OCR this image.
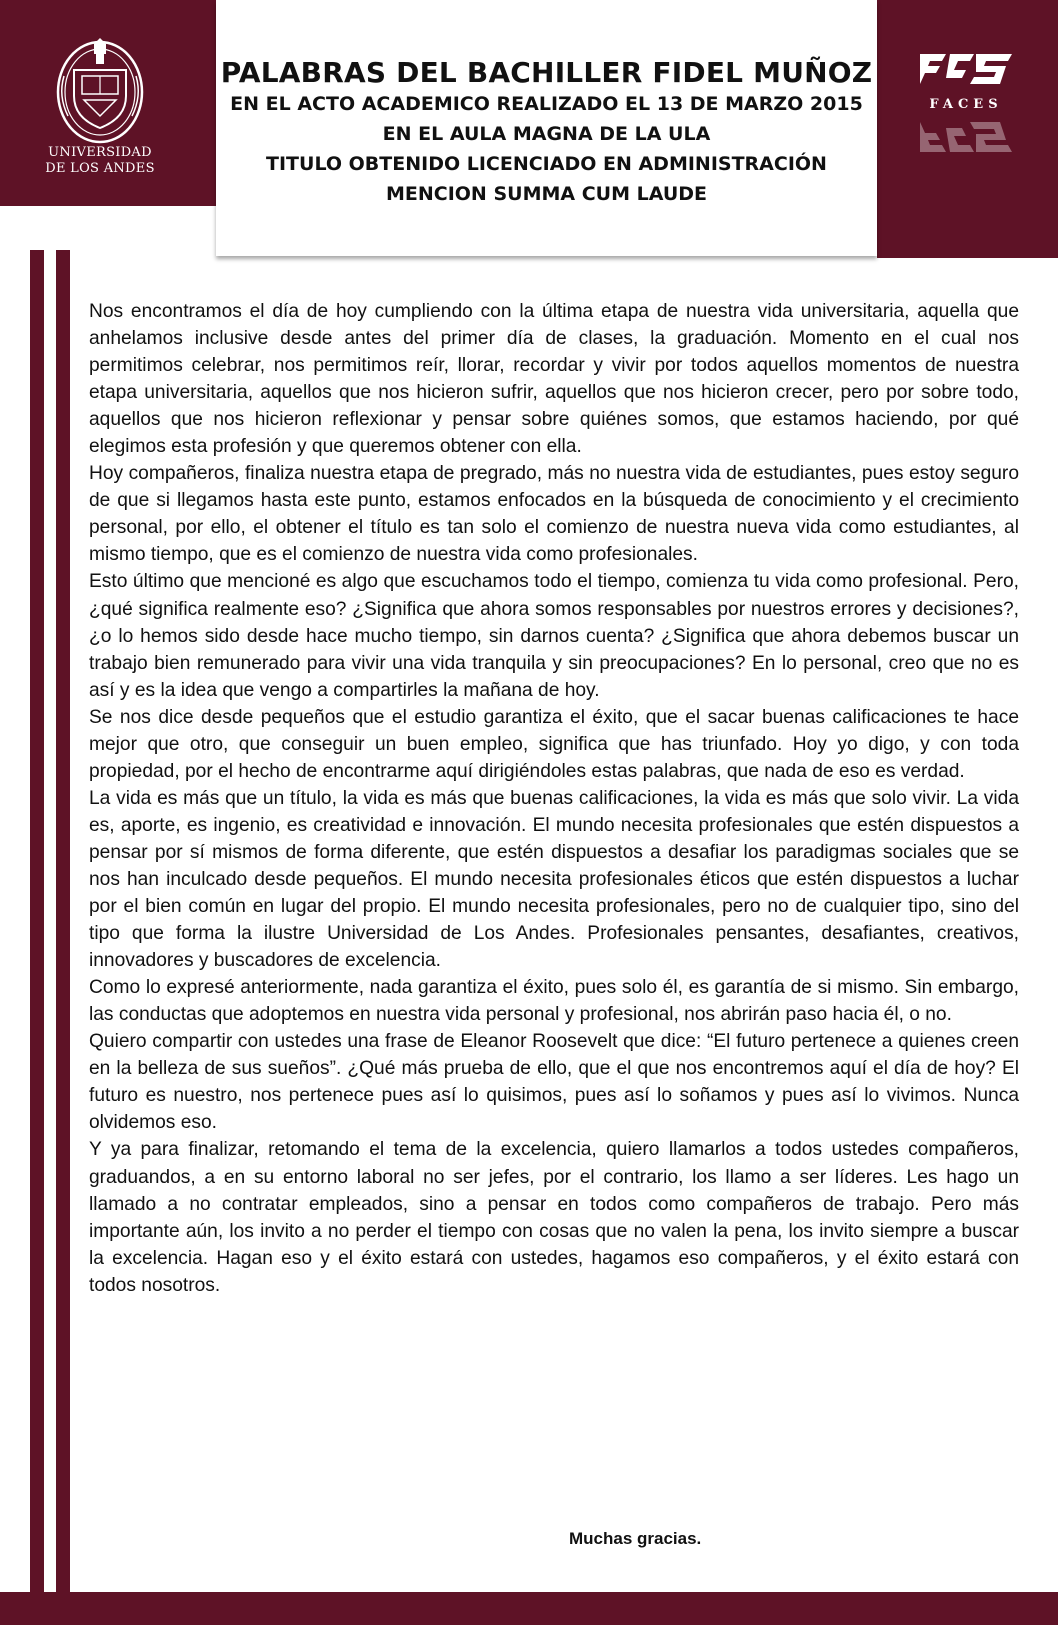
UNIVERSIDAD
DE LOS ANDES
FACES
PALABRAS DEL BACHILLER FIDEL MUÑOZ
EN EL ACTO ACADEMICO REALIZADO EL 13 DE MARZO 2015
EN EL AULA MAGNA DE LA ULA
TITULO OBTENIDO LICENCIADO EN ADMINISTRACIÓN
MENCION SUMMA CUM LAUDE

Nos encontramos el día de hoy cumpliendo con la última etapa de nuestra vida universitaria, aquella que anhelamos inclusive desde antes del primer día de clases, la graduación. Momento en el cual nos permitimos celebrar, nos permitimos reír, llorar, recordar y vivir por todos aquellos momentos de nuestra etapa universitaria, aquellos que nos hicieron sufrir, aquellos que nos hicieron crecer, pero por sobre todo, aquellos que nos hicieron reflexionar y pensar sobre quiénes somos, que estamos haciendo, por qué elegimos esta profesión y que queremos obtener con ella.

Hoy compañeros, finaliza nuestra etapa de pregrado, más no nuestra vida de estudiantes, pues estoy seguro de que si llegamos hasta este punto, estamos enfocados en la búsqueda de conocimiento y el crecimiento personal, por ello, el obtener el título es tan solo el comienzo de nuestra nueva vida como estudiantes, al mismo tiempo, que es el comienzo de nuestra vida como profesionales.

Esto último que mencioné es algo que escuchamos todo el tiempo, comienza tu vida como profesional. Pero, ¿qué significa realmente eso? ¿Significa que ahora somos responsables por nuestros errores y decisiones?, ¿o lo hemos sido desde hace mucho tiempo, sin darnos cuenta? ¿Significa que ahora debemos buscar un trabajo bien remunerado para vivir una vida tranquila y sin preocupaciones? En lo personal, creo que no es así y es la idea que vengo a compartirles la mañana de hoy.

Se nos dice desde pequeños que el estudio garantiza el éxito, que el sacar buenas calificaciones te hace mejor que otro, que conseguir un buen empleo, significa que has triunfado. Hoy yo digo, y con toda propiedad, por el hecho de encontrarme aquí dirigiéndoles estas palabras, que nada de eso es verdad.

La vida es más que un título, la vida es más que buenas calificaciones, la vida es más que solo vivir. La vida es, aporte, es ingenio, es creatividad e innovación. El mundo necesita profesionales que estén dispuestos a pensar por sí mismos de forma diferente, que estén dispuestos a desafiar los paradigmas sociales que se nos han inculcado desde pequeños. El mundo necesita profesionales éticos que estén dispuestos a luchar por el bien común en lugar del propio. El mundo necesita profesionales, pero no de cualquier tipo, sino del tipo que forma la ilustre Universidad de Los Andes. Profesionales pensantes, desafiantes, creativos, innovadores y buscadores de excelencia.

Como lo expresé anteriormente, nada garantiza el éxito, pues solo él, es garantía de si mismo. Sin embargo, las conductas que adoptemos en nuestra vida personal y profesional, nos abrirán paso hacia él, o no.

Quiero compartir con ustedes una frase de Eleanor Roosevelt que dice: “El futuro pertenece a quienes creen en la belleza de sus sueños”. ¿Qué más prueba de ello, que el que nos encontremos aquí el día de hoy? El futuro es nuestro, nos pertenece pues así lo quisimos, pues así lo soñamos y pues así lo vivimos. Nunca olvidemos eso.

Y ya para finalizar, retomando el tema de la excelencia, quiero llamarlos a todos ustedes compañeros, graduandos, a en su entorno laboral no ser jefes, por el contrario, los llamo a ser líderes. Les hago un llamado a no contratar empleados, sino a pensar en todos como compañeros de trabajo. Pero más importante aún, los invito a no perder el tiempo con cosas que no valen la pena, los invito siempre a buscar la excelencia. Hagan eso y el éxito estará con ustedes, hagamos eso compañeros, y el éxito estará con todos nosotros.

Muchas gracias.
